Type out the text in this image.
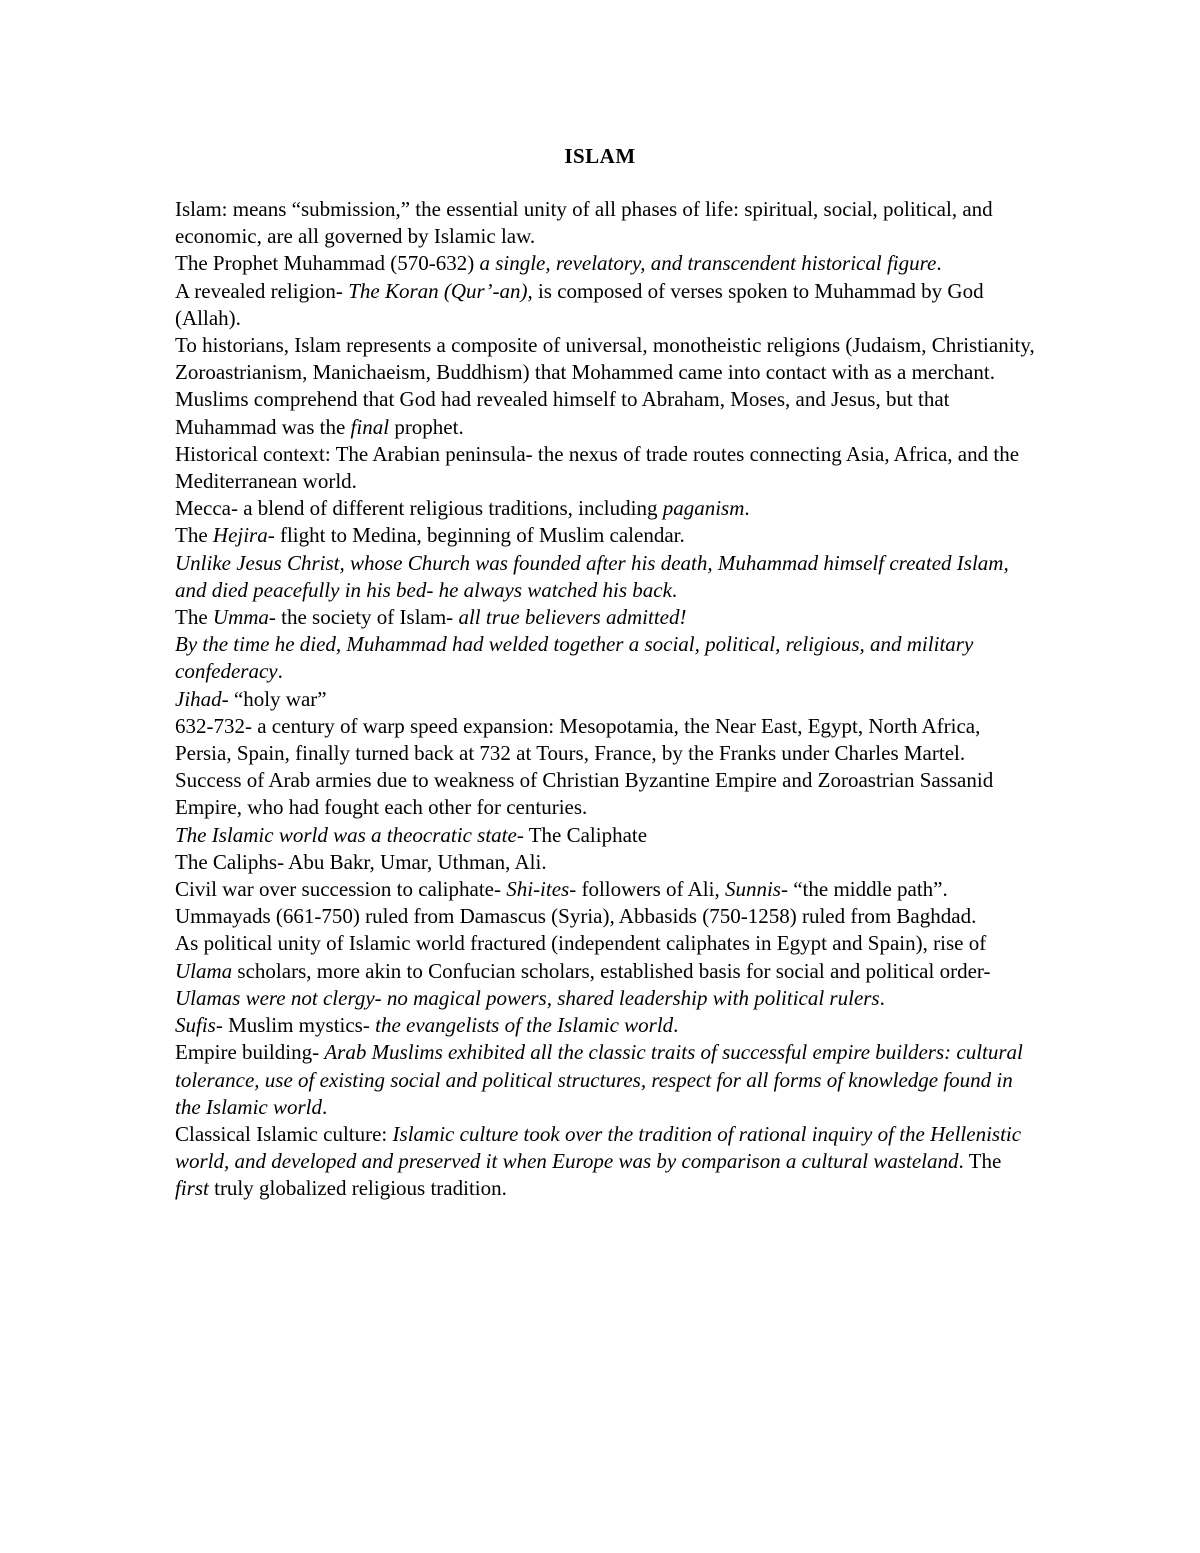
ISLAM

Islam: means “submission,” the essential unity of all phases of life: spiritual, social, political, and economic, are all governed by Islamic law.

The Prophet Muhammad (570-632) a single, revelatory, and transcendent historical figure.

A revealed religion- The Koran (Qur’-an), is composed of verses spoken to Muhammad by God (Allah).

To historians, Islam represents a composite of universal, monotheistic religions (Judaism, Christianity, Zoroastrianism, Manichaeism, Buddhism) that Mohammed came into contact with as a merchant.

Muslims comprehend that God had revealed himself to Abraham, Moses, and Jesus, but that Muhammad was the final prophet.

Historical context: The Arabian peninsula- the nexus of trade routes connecting Asia, Africa, and the Mediterranean world.

Mecca- a blend of different religious traditions, including paganism.

The Hejira- flight to Medina, beginning of Muslim calendar.

Unlike Jesus Christ, whose Church was founded after his death, Muhammad himself created Islam, and died peacefully in his bed- he always watched his back.

The Umma- the society of Islam- all true believers admitted!

By the time he died, Muhammad had welded together a social, political, religious, and military confederacy.

Jihad- “holy war”

632-732- a century of warp speed expansion: Mesopotamia, the Near East, Egypt, North Africa, Persia, Spain, finally turned back at 732 at Tours, France, by the Franks under Charles Martel.

Success of Arab armies due to weakness of Christian Byzantine Empire and Zoroastrian Sassanid Empire, who had fought each other for centuries.

The Islamic world was a theocratic state- The Caliphate

The Caliphs- Abu Bakr, Umar, Uthman, Ali.

Civil war over succession to caliphate- Shi-ites- followers of Ali, Sunnis- “the middle path”.

Ummayads (661-750) ruled from Damascus (Syria), Abbasids (750-1258) ruled from Baghdad.

As political unity of Islamic world fractured (independent caliphates in Egypt and Spain), rise of Ulama scholars, more akin to Confucian scholars, established basis for social and political order- Ulamas were not clergy- no magical powers, shared leadership with political rulers.

Sufis- Muslim mystics- the evangelists of the Islamic world.

Empire building- Arab Muslims exhibited all the classic traits of successful empire builders: cultural tolerance, use of existing social and political structures, respect for all forms of knowledge found in the Islamic world.

Classical Islamic culture: Islamic culture took over the tradition of rational inquiry of the Hellenistic world, and developed and preserved it when Europe was by comparison a cultural wasteland. The first truly globalized religious tradition.
